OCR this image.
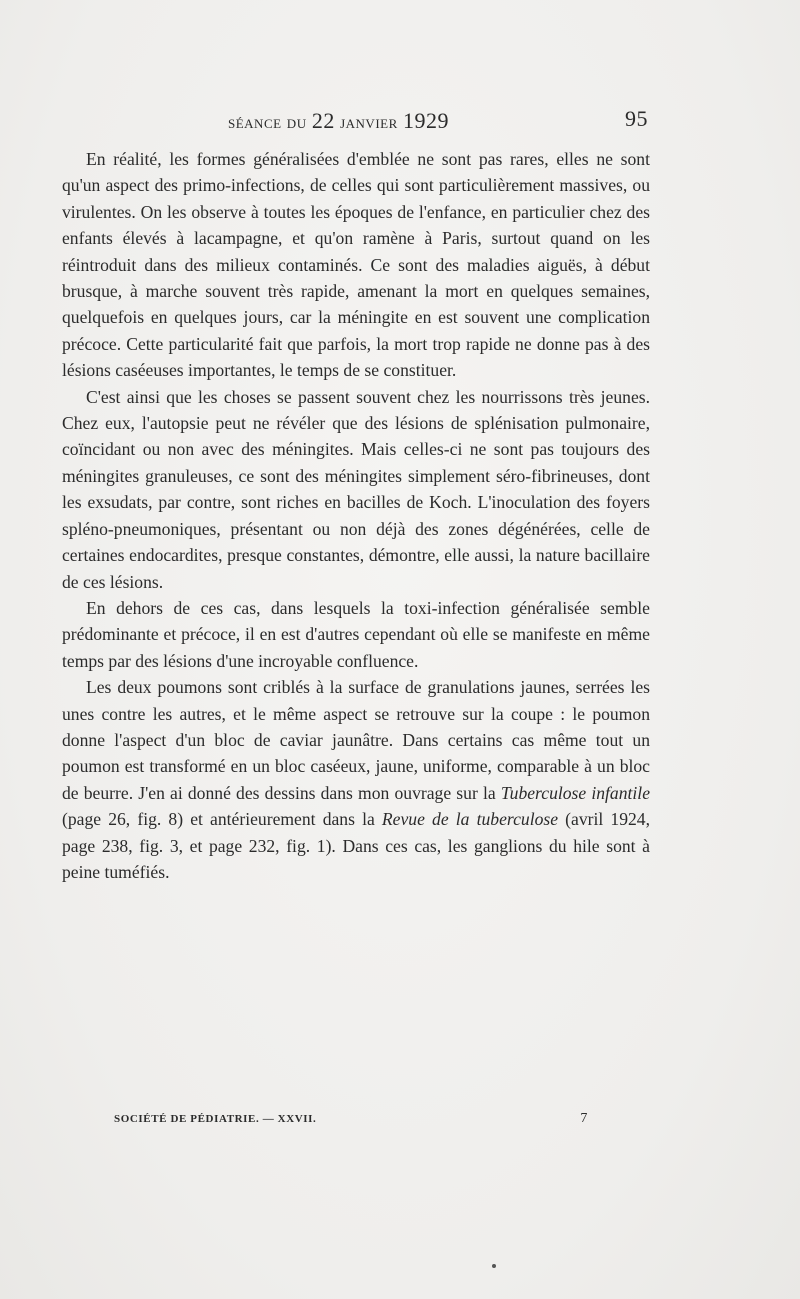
séance du 22 janvier 1929	95

En réalité, les formes généralisées d'emblée ne sont pas rares, elles ne sont qu'un aspect des primo-infections, de celles qui sont particulièrement massives, ou virulentes. On les observe à toutes les époques de l'enfance, en particulier chez des enfants élevés à lacampagne, et qu'on ramène à Paris, surtout quand on les réintroduit dans des milieux contaminés. Ce sont des maladies aiguës, à début brusque, à marche souvent très rapide, amenant la mort en quelques semaines, quelquefois en quelques jours, car la méningite en est souvent une complication précoce. Cette particularité fait que parfois, la mort trop rapide ne donne pas à des lésions caséeuses importantes, le temps de se constituer.

C'est ainsi que les choses se passent souvent chez les nourrissons très jeunes. Chez eux, l'autopsie peut ne révéler que des lésions de splénisation pulmonaire, coïncidant ou non avec des méningites. Mais celles-ci ne sont pas toujours des méningites granuleuses, ce sont des méningites simplement séro-fibrineuses, dont les exsudats, par contre, sont riches en bacilles de Koch. L'inoculation des foyers spléno-pneumoniques, présentant ou non déjà des zones dégénérées, celle de certaines endocardites, presque constantes, démontre, elle aussi, la nature bacillaire de ces lésions.

En dehors de ces cas, dans lesquels la toxi-infection généralisée semble prédominante et précoce, il en est d'autres cependant où elle se manifeste en même temps par des lésions d'une incroyable confluence.

Les deux poumons sont criblés à la surface de granulations jaunes, serrées les unes contre les autres, et le même aspect se retrouve sur la coupe : le poumon donne l'aspect d'un bloc de caviar jaunâtre. Dans certains cas même tout un poumon est transformé en un bloc caséeux, jaune, uniforme, comparable à un bloc de beurre. J'en ai donné des dessins dans mon ouvrage sur la Tuberculose infantile (page 26, fig. 8) et antérieurement dans la Revue de la tuberculose (avril 1924, page 238, fig. 3, et page 232, fig. 1). Dans ces cas, les ganglions du hile sont à peine tuméfiés.

SOCIÉTÉ DE PÉDIATRIE. — XXVII.	7
